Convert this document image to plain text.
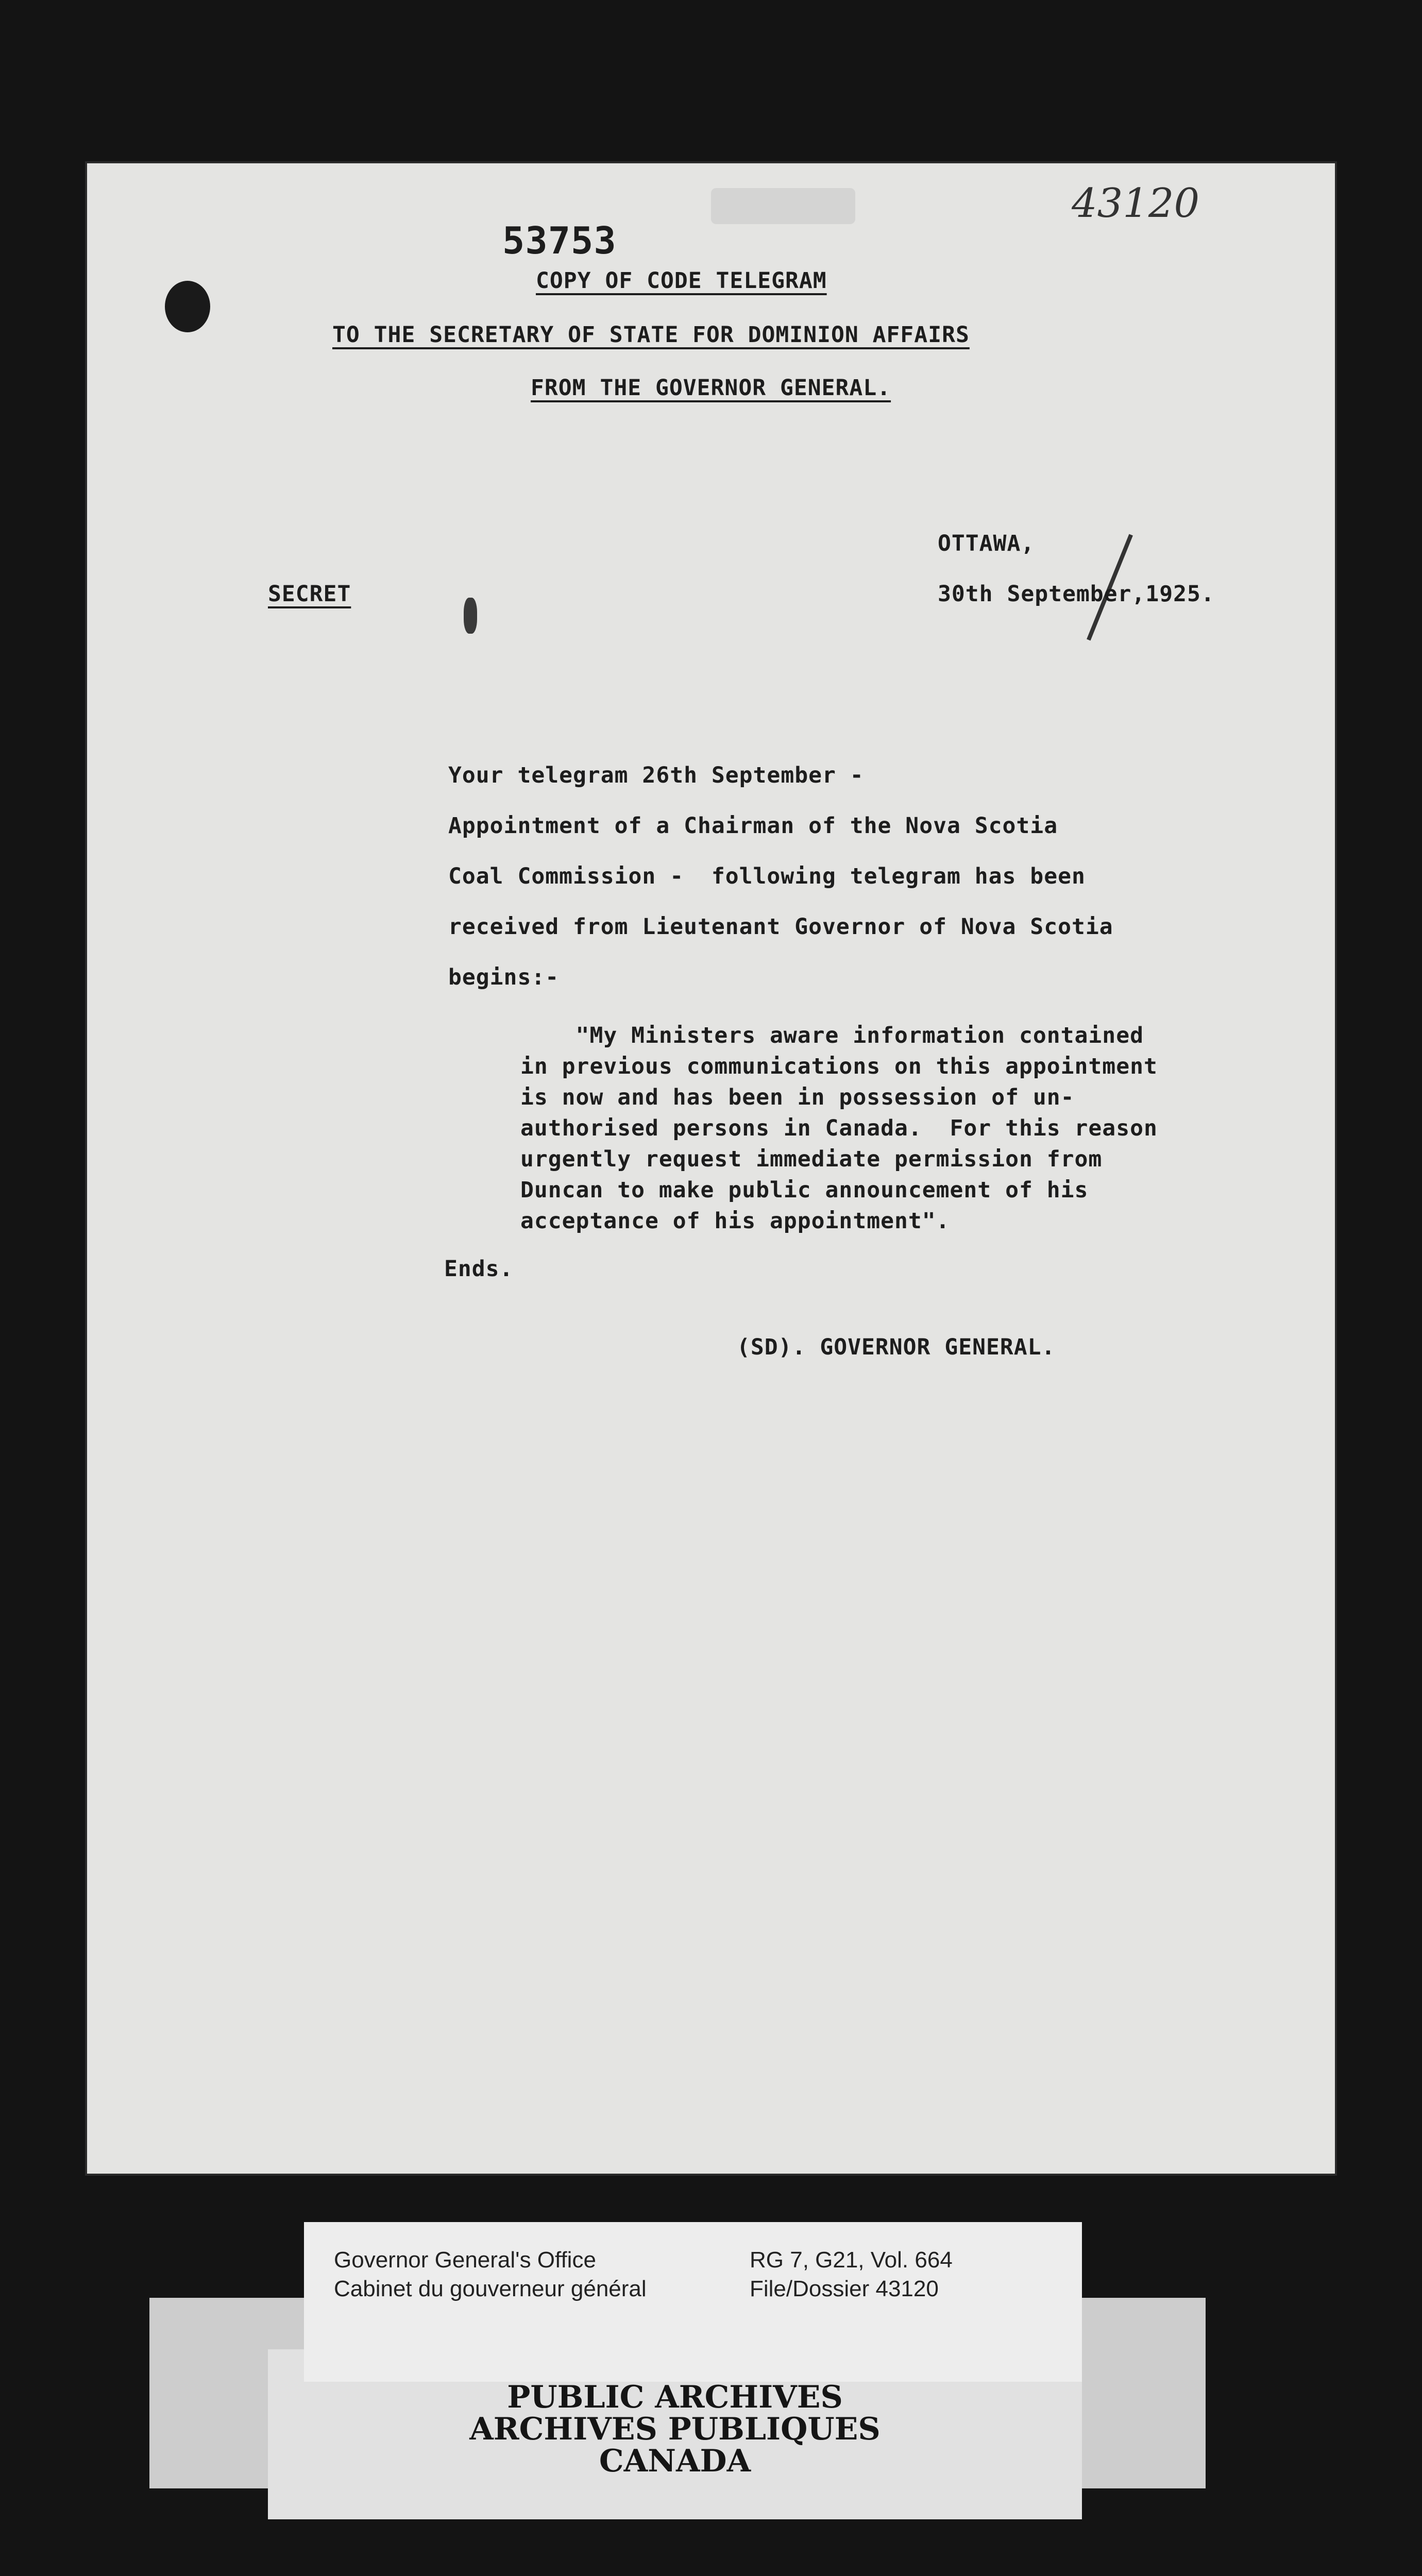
43120
53753
COPY OF CODE TELEGRAM
TO THE SECRETARY OF STATE FOR DOMINION AFFAIRS
FROM THE GOVERNOR GENERAL.
OTTAWA,
SECRET	30th September,1925.
Your telegram 26th September -
Appointment of a Chairman of the Nova Scotia
Coal Commission -  following telegram has been
received from Lieutenant Governor of Nova Scotia
begins:-
"My Ministers aware information contained
in previous communications on this appointment
is now and has been in possession of un-
authorised persons in Canada.  For this reason
urgently request immediate permission from
Duncan to make public announcement of his
acceptance of his appointment".
Ends.
(SD). GOVERNOR GENERAL.
Governor General's Office
Cabinet du gouverneur général
RG 7, G21, Vol. 664
File/Dossier 43120
PUBLIC ARCHIVES
ARCHIVES PUBLIQUES
CANADA
